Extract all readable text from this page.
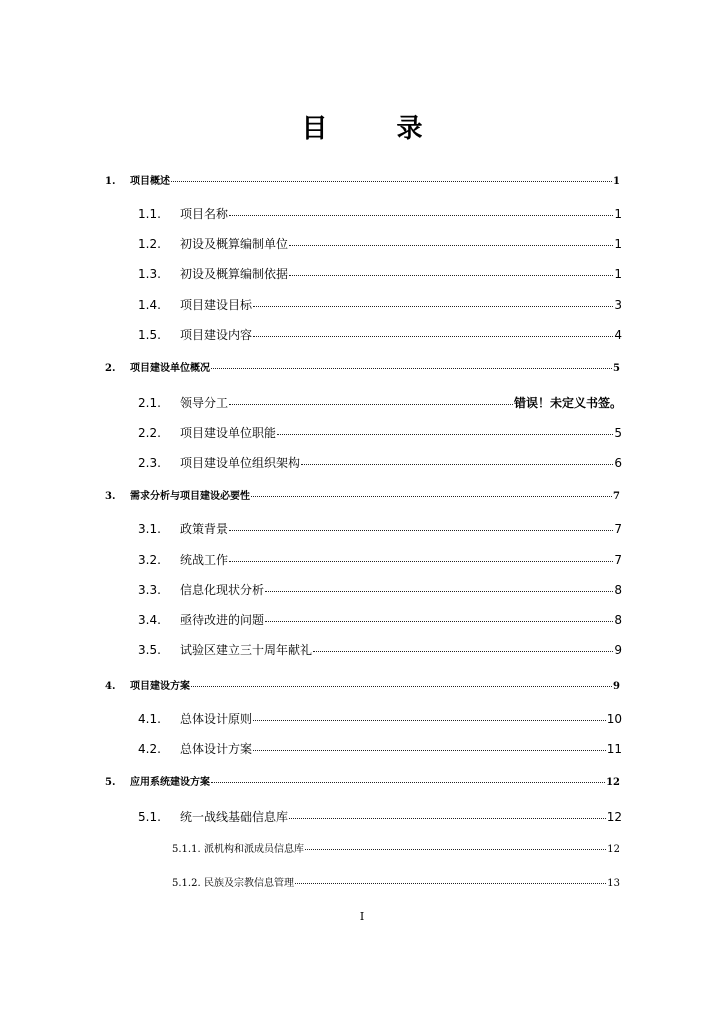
目 录
1.	项目概述	1
1.1.	项目名称	1
1.2.	初设及概算编制单位	1
1.3.	初设及概算编制依据	1
1.4.	项目建设目标	3
1.5.	项目建设内容	4
2.	项目建设单位概况	5
2.1.	领导分工	错误！未定义书签。
2.2.	项目建设单位职能	5
2.3.	项目建设单位组织架构	6
3.	需求分析与项目建设必要性	7
3.1.	政策背景	7
3.2.	统战工作	7
3.3.	信息化现状分析	8
3.4.	亟待改进的问题	8
3.5.	试验区建立三十周年献礼	9
4.	项目建设方案	9
4.1.	总体设计原则	10
4.2.	总体设计方案	11
5.	应用系统建设方案	12
5.1.	统一战线基础信息库	12
5.1.1. 派机构和派成员信息库	12
5.1.2. 民族及宗教信息管理	13
I
